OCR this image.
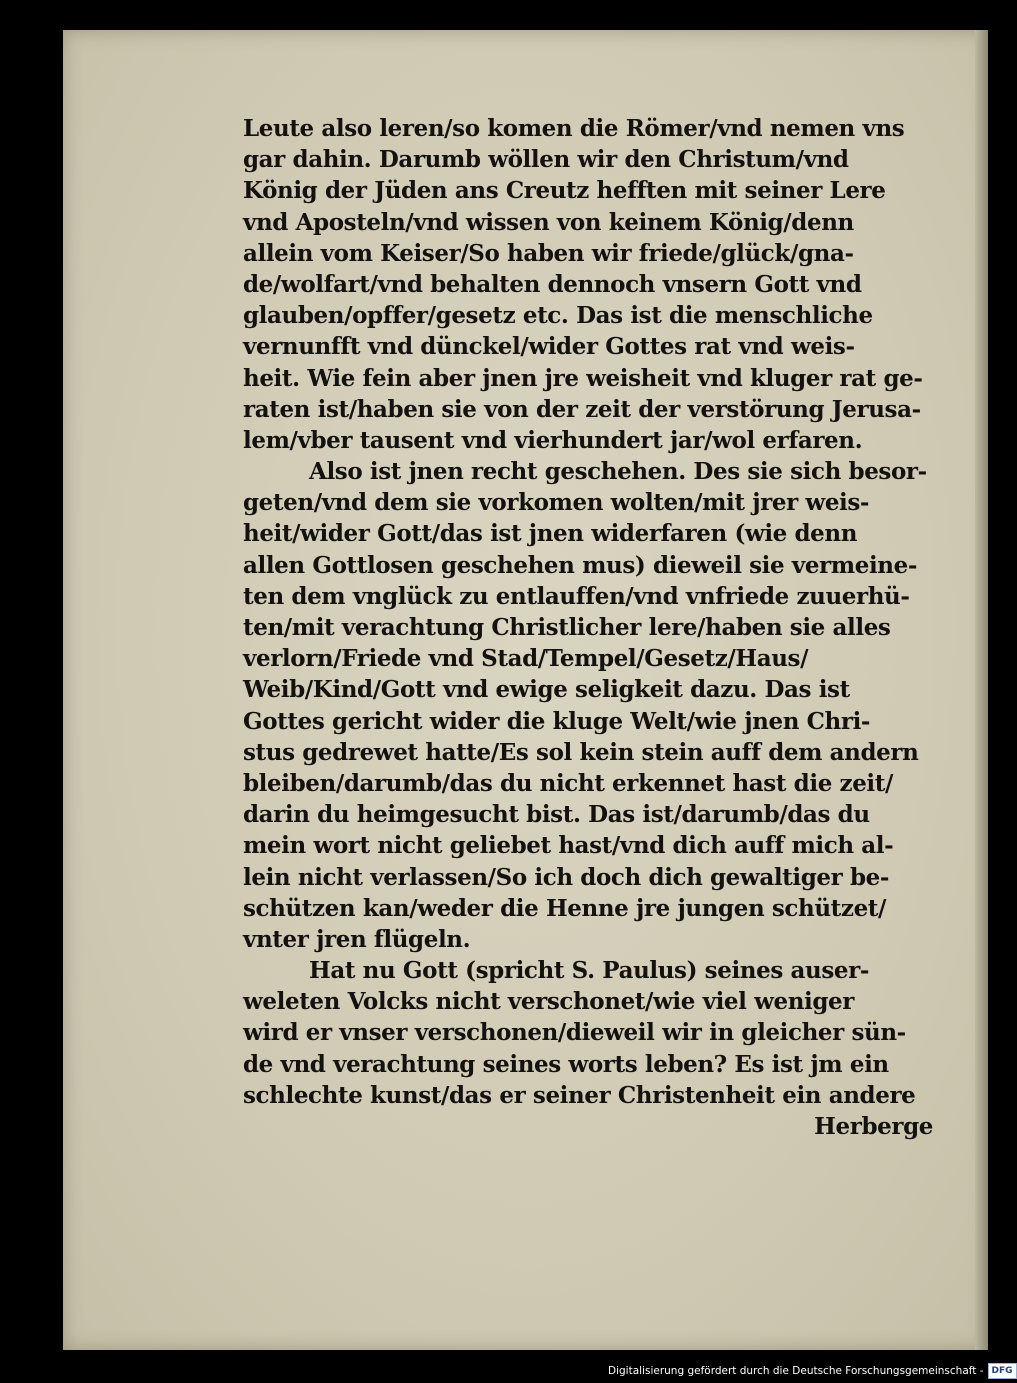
Leute also leren/so komen die Römer/vnd nemen vns
gar dahin. Darumb wöllen wir den Christum/vnd
König der Jüden ans Creutz hefften mit seiner Lere
vnd Aposteln/vnd wissen von keinem König/denn
allein vom Keiser/So haben wir friede/glück/gna-
de/wolfart/vnd behalten dennoch vnsern Gott vnd
glauben/opffer/gesetz etc. Das ist die menschliche
vernunfft vnd dünckel/wider Gottes rat vnd weis-
heit. Wie fein aber jnen jre weisheit vnd kluger rat ge-
raten ist/haben sie von der zeit der verstörung Jerusa-
lem/vber tausent vnd vierhundert jar/wol erfaren.
Also ist jnen recht geschehen. Des sie sich besor-
geten/vnd dem sie vorkomen wolten/mit jrer weis-
heit/wider Gott/das ist jnen widerfaren (wie denn
allen Gottlosen geschehen mus) dieweil sie vermeine-
ten dem vnglück zu entlauffen/vnd vnfriede zuuerhü-
ten/mit verachtung Christlicher lere/haben sie alles
verlorn/Friede vnd Stad/Tempel/Gesetz/Haus/
Weib/Kind/Gott vnd ewige seligkeit dazu. Das ist
Gottes gericht wider die kluge Welt/wie jnen Chri-
stus gedrewet hatte/Es sol kein stein auff dem andern
bleiben/darumb/das du nicht erkennet hast die zeit/
darin du heimgesucht bist. Das ist/darumb/das du
mein wort nicht geliebet hast/vnd dich auff mich al-
lein nicht verlassen/So ich doch dich gewaltiger be-
schützen kan/weder die Henne jre jungen schützet/
vnter jren flügeln.
Hat nu Gott (spricht S. Paulus) seines auser-
weleten Volcks nicht verschonet/wie viel weniger
wird er vnser verschonen/dieweil wir in gleicher sün-
de vnd verachtung seines worts leben? Es ist jm ein
schlechte kunst/das er seiner Christenheit ein andere
Herberge
Digitalisierung gefördert durch die Deutsche Forschungsgemeinschaft - DFG
